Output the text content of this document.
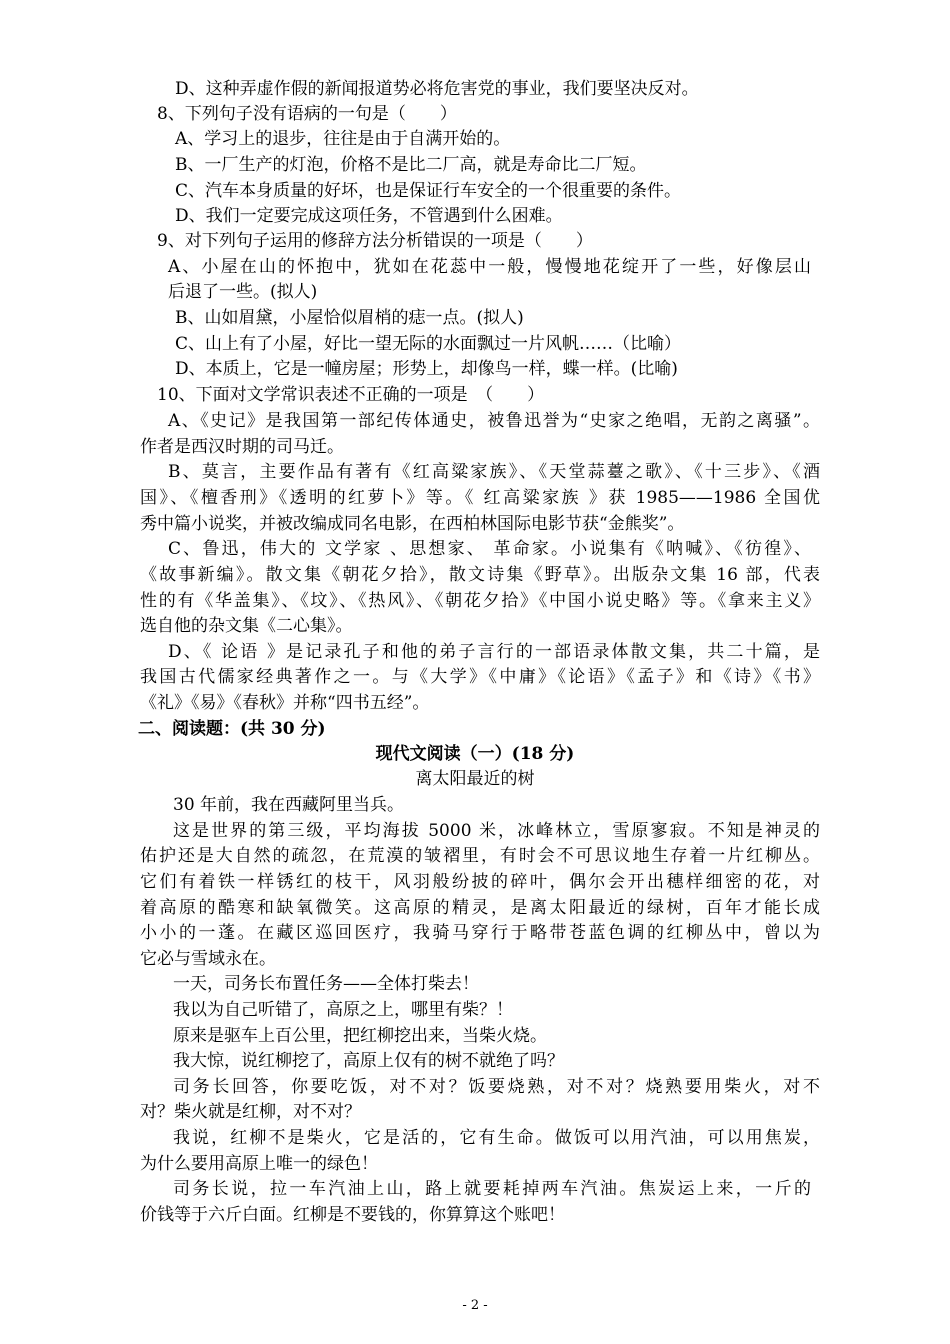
D、这种弄虚作假的新闻报道势必将危害党的事业，我们要坚决反对。
8、下列句子没有语病的一句是（　　）
A、学习上的退步，往往是由于自满开始的。
B、一厂生产的灯泡，价格不是比二厂高，就是寿命比二厂短。
C、汽车本身质量的好坏，也是保证行车安全的一个很重要的条件。
D、我们一定要完成这项任务，不管遇到什么困难。
9、对下列句子运用的修辞方法分析错误的一项是（　　）
A、小屋在山的怀抱中，犹如在花蕊中一般，慢慢地花绽开了一些，好像层山
后退了一些。(拟人)
B、山如眉黛，小屋恰似眉梢的痣一点。(拟人)
C、山上有了小屋，好比一望无际的水面飘过一片风帆……（比喻）
D、本质上，它是一幢房屋；形势上，却像鸟一样，蝶一样。(比喻)
10、下面对文学常识表述不正确的一项是　（　　）
A、《史记》是我国第一部纪传体通史，被鲁迅誉为“史家之绝唱，无韵之离骚”。
作者是西汉时期的司马迁。
B、莫言，主要作品有著有《红高粱家族》、《天堂蒜薹之歌》、《十三步》、《酒
国》、《檀香刑》《透明的红萝卜》等。《 红高粱家族 》获 1985——1986 全国优
秀中篇小说奖，并被改编成同名电影，在西柏林国际电影节获“金熊奖”。
C、鲁迅，伟大的 文学家 、思想家、 革命家。小说集有《呐喊》、《彷徨》、
《故事新编》。散文集《朝花夕拾》，散文诗集《野草》。出版杂文集 16 部，代表
性的有《华盖集》、《坟》、《热风》、《朝花夕拾》《中国小说史略》等。《拿来主义》
选自他的杂文集《二心集》。
D、《 论语 》是记录孔子和他的弟子言行的一部语录体散文集，共二十篇，是
我国古代儒家经典著作之一。与《大学》《中庸》《论语》《孟子》和《诗》《书》
《礼》《易》《春秋》并称“四书五经”。
二、阅读题：(共 30 分)
现代文阅读（一）(18 分)
离太阳最近的树
30 年前，我在西藏阿里当兵。
这是世界的第三级，平均海拔 5000 米，冰峰林立，雪原寥寂。不知是神灵的
佑护还是大自然的疏忽，在荒漠的皱褶里，有时会不可思议地生存着一片红柳丛。
它们有着铁一样锈红的枝干，风羽般纷披的碎叶，偶尔会开出穗样细密的花，对
着高原的酷寒和缺氧微笑。这高原的精灵，是离太阳最近的绿树，百年才能长成
小小的一蓬。在藏区巡回医疗，我骑马穿行于略带苍蓝色调的红柳丛中，曾以为
它必与雪域永在。
一天，司务长布置任务——全体打柴去！
我以为自己听错了，高原之上，哪里有柴？！
原来是驱车上百公里，把红柳挖出来，当柴火烧。
我大惊，说红柳挖了，高原上仅有的树不就绝了吗？
司务长回答，你要吃饭，对不对？饭要烧熟，对不对？烧熟要用柴火，对不
对？柴火就是红柳，对不对？
我说，红柳不是柴火，它是活的，它有生命。做饭可以用汽油，可以用焦炭，
为什么要用高原上唯一的绿色！
司务长说，拉一车汽油上山，路上就要耗掉两车汽油。焦炭运上来，一斤的
价钱等于六斤白面。红柳是不要钱的，你算算这个账吧！
- 2 -
